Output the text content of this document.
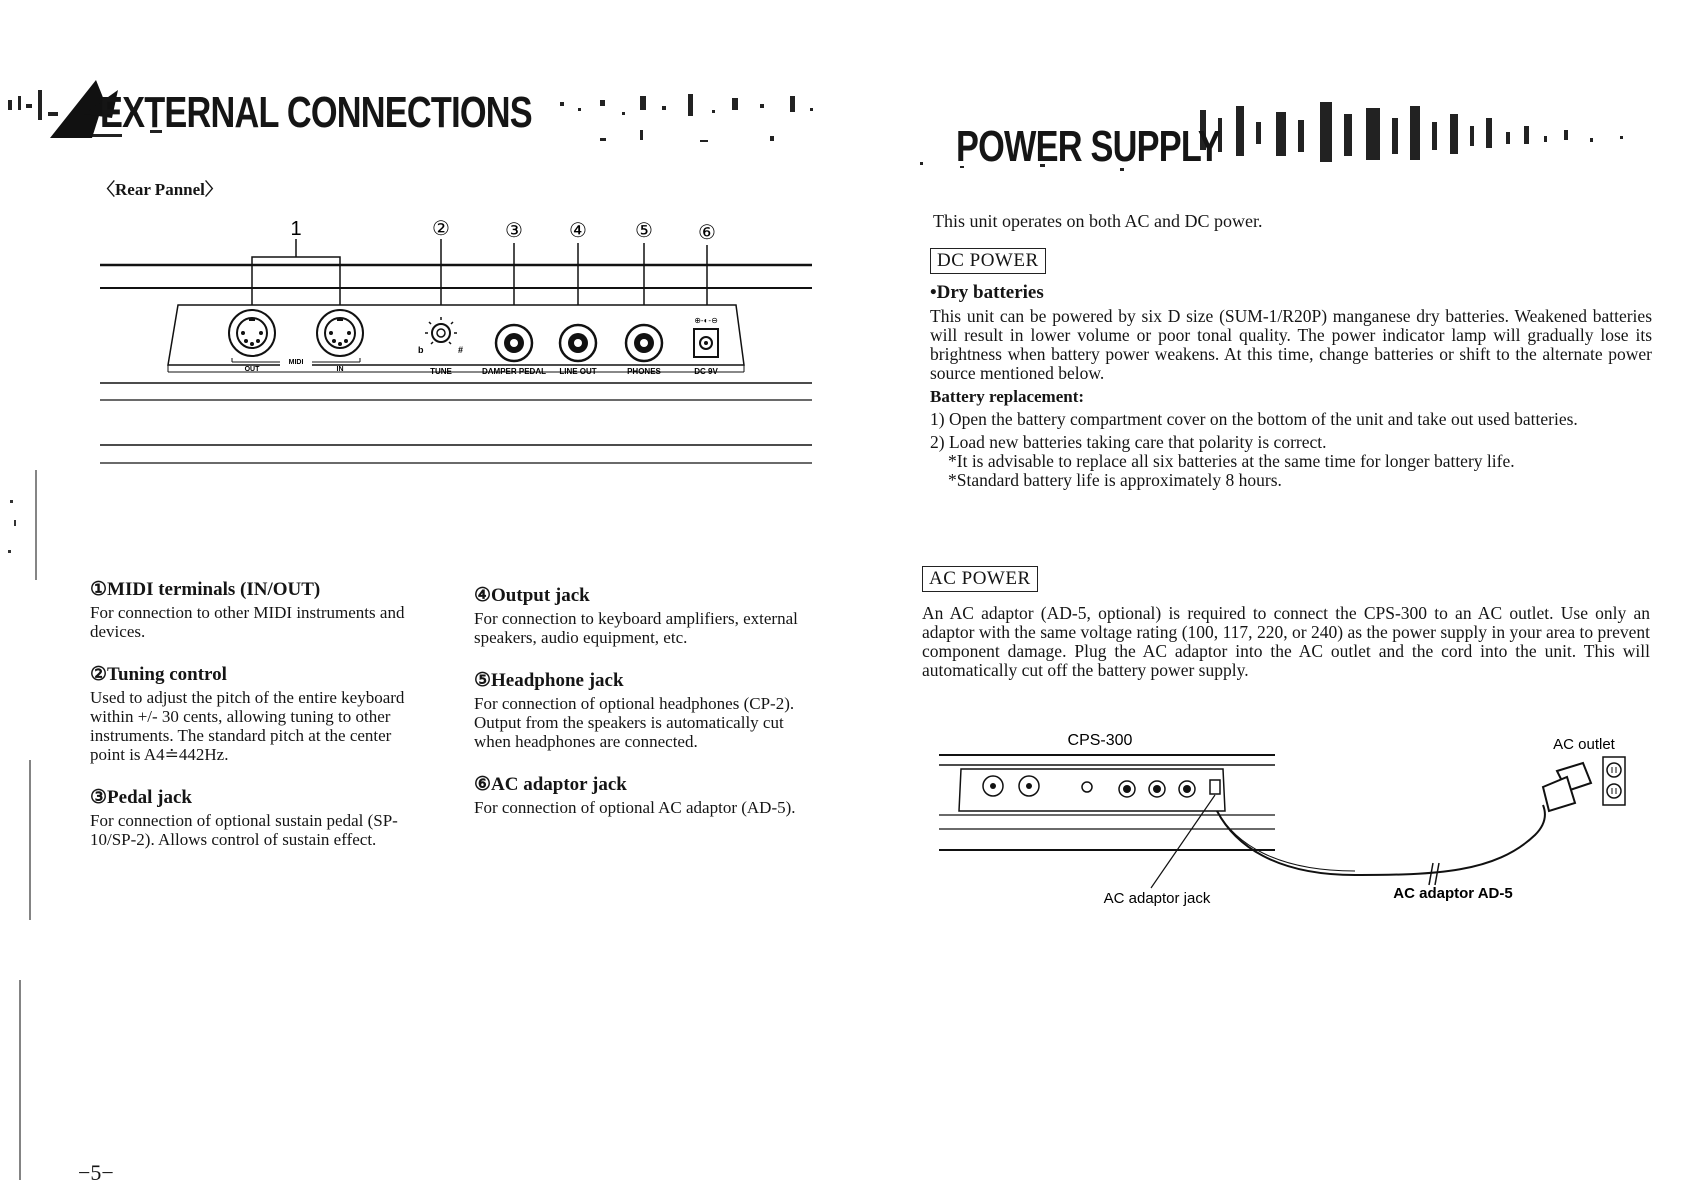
EXTERNAL CONNECTIONS
〈Rear Pannel〉
1	②	③ ④ ⑤ ⑥
MIDI
OUT	IN
b	#
TUNE
⊕-◐-⊖
DAMPER PEDAL LINE OUT	PHONES	DC 9V
①MIDI terminals (IN/OUT)
For connection to other MIDI instruments and devices.
②Tuning control
Used to adjust the pitch of the entire keyboard within +/- 30 cents, allowing tuning to other instruments. The standard pitch at the center point is A4≐442Hz.
③Pedal jack
For connection of optional sustain pedal (SP-10/SP-2). Allows control of sustain effect.
④Output jack
For connection to keyboard amplifiers, external speakers, audio equipment, etc.
⑤Headphone jack
For connection of optional headphones (CP-2). Output from the speakers is automatically cut when headphones are connected.
⑥AC adaptor jack
For connection of optional AC adaptor (AD-5).
−5−
POWER SUPPLY
This unit operates on both AC and DC power.
DC POWER
•Dry batteries
This unit can be powered by six D size (SUM-1/R20P) manganese dry batteries. Weakened batteries will result in lower volume or poor tonal quality. The power indicator lamp will gradually lose its brightness when battery power weakens. At this time, change batteries or shift to the alternate power source mentioned below.
Battery replacement:
1) Open the battery compartment cover on the bottom of the unit and take out used batteries.
2) Load new batteries taking care that polarity is correct.
*It is advisable to replace all six batteries at the same time for longer battery life.
*Standard battery life is approximately 8 hours.
AC POWER
An AC adaptor (AD-5, optional) is required to connect the CPS-300 to an AC outlet. Use only an adaptor with the same voltage rating (100, 117, 220, or 240) as the power supply in your area to prevent component damage. Plug the AC adaptor into the AC outlet and the cord into the unit. This will automatically cut off the battery power supply.
CPS-300	AC outlet
AC adaptor jack	AC adaptor AD-5
